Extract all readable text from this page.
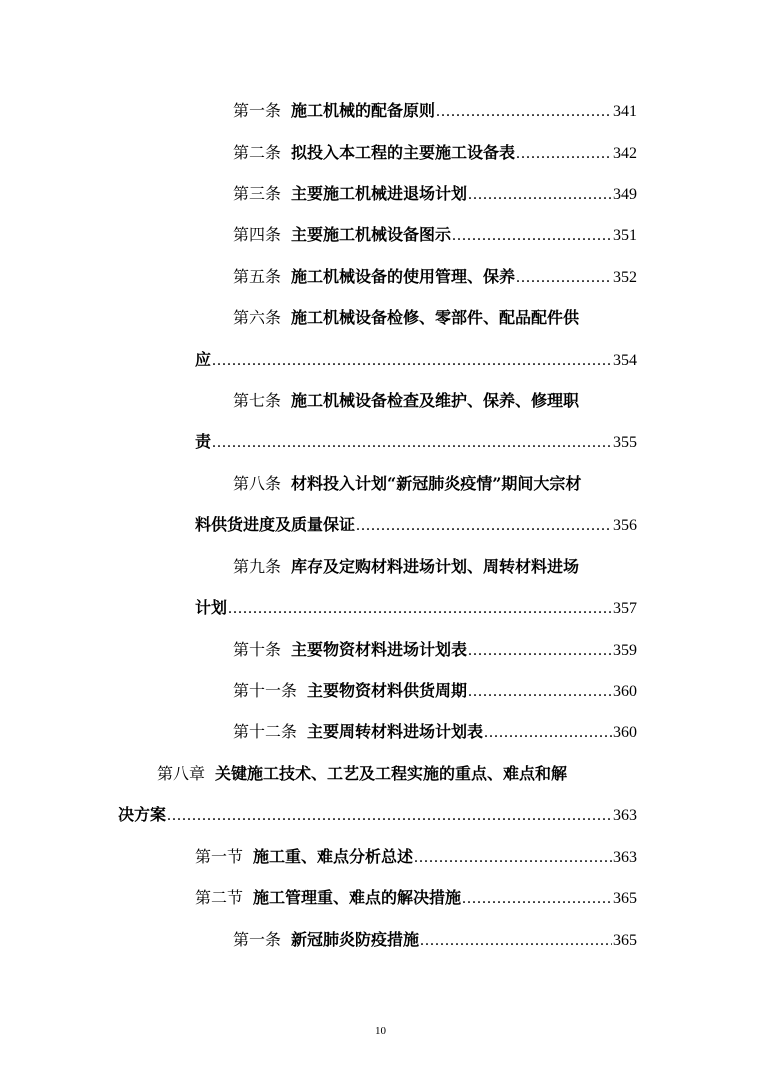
第一条 施工机械的配备原则 .....	341
第二条 拟投入本工程的主要施工设备表 .....	342
第三条 主要施工机械进退场计划 .....	349
第四条 主要施工机械设备图示 .....	351
第五条 施工机械设备的使用管理、保养 .....	352
第六条 施工机械设备检修、零部件、配品配件供
应 .....	354
第七条 施工机械设备检查及维护、保养、修理职
责 .....	355
第八条 材料投入计划“新冠肺炎疫情”期间大宗材
料供货进度及质量保证 .....	356
第九条 库存及定购材料进场计划、周转材料进场
计划 .....	357
第十条 主要物资材料进场计划表 .....	359
第十一条 主要物资材料供货周期 .....	360
第十二条 主要周转材料进场计划表 .....	360
第八章 关键施工技术、工艺及工程实施的重点、难点和解
决方案 .....	363
第一节 施工重、难点分析总述 .....	363
第二节 施工管理重、难点的解决措施 .....	365
第一条 新冠肺炎防疫措施 .....	365
10
